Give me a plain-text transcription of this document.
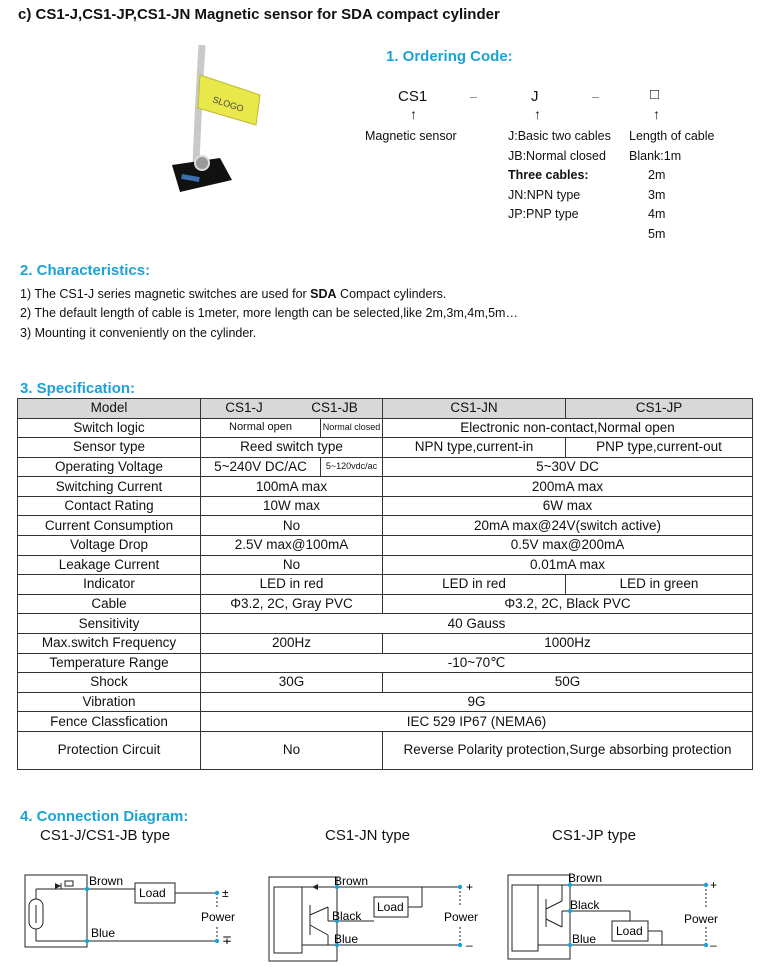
c) CS1-J,CS1-JP,CS1-JN Magnetic sensor for SDA compact cylinder
SLOGO
1. Ordering Code:
CS1	–	J	–	□
↑	↑	↑
Magnetic sensor	J:Basic two cables
JB:Normal closed
Three cables:
JN:NPN type
JP:PNP type
Length of cable
Blank:1m
2m
3m
4m
5m
2. Characteristics:
1) The CS1-J series magnetic switches are used for SDA Compact cylinders.
2) The default length of cable is 1meter, more length can be selected,like 2m,3m,4m,5m…
3) Mounting it conveniently on the cylinder.
3. Specification:
Model	CS1-J CS1-JB		CS1-JN	CS1-JP
Switch logic	Normal open	Normal closed	Electronic non-contact,Normal open	
Sensor type	Reed switch type		NPN type,current-in	PNP type,current-out
Operating Voltage	5~240V DC/AC	5~120vdc/ac	5~30V DC	
Switching Current	100mA max		200mA max	
Contact Rating	10W max		6W max	
Current Consumption	No		20mA max@24V(switch active)	
Voltage Drop	2.5V max@100mA		0.5V max@200mA	
Leakage Current	No		0.01mA max	
Indicator	LED in red		LED in red	LED in green
Cable	Φ3.2, 2C, Gray PVC		Φ3.2, 2C, Black PVC	
Sensitivity	40 Gauss			
Max.switch Frequency	200Hz		1000Hz	
Temperature Range	-10~70℃			
Shock	30G		50G	
Vibration	9G			
Fence Classfication	IEC 529 IP67 (NEMA6)			
Protection Circuit	No		Reverse Polarity protection,Surge absorbing protection	
4. Connection Diagram:
CS1-J/CS1-JB type	CS1-JN type	CS1-JP type
Brown
Blue
Load
Power
±
∓
Brown
Black
Blue
Load
Power
+
–
Brown
Black
Blue
Load
Power
+
–
